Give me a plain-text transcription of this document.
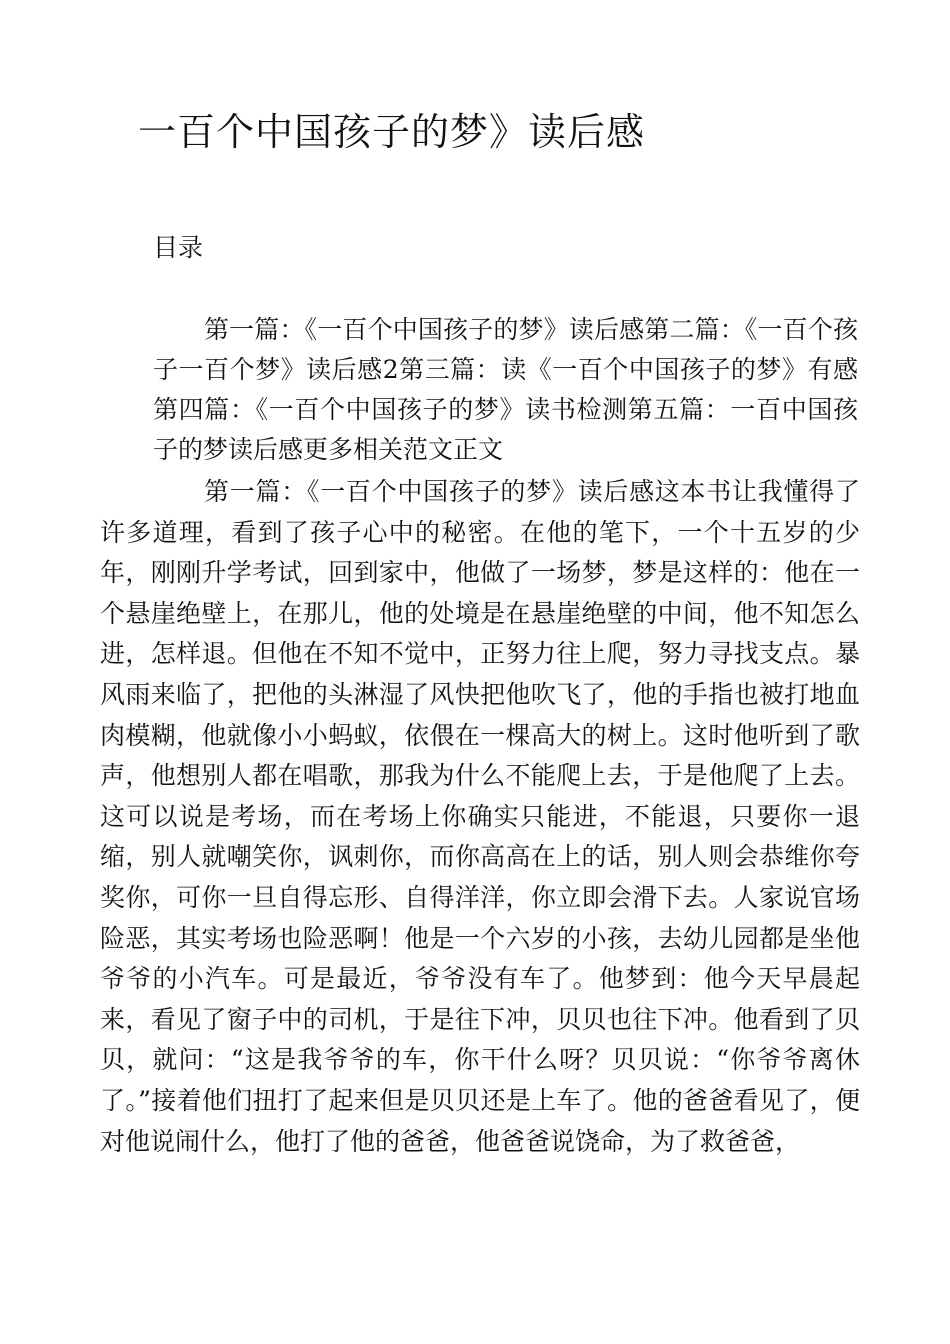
一百个中国孩子的梦》读后感
目录
第一篇：《一百个中国孩子的梦》读后感第二篇：《一百个孩子一百个梦》读后感2第三篇：读《一百个中国孩子的梦》有感第四篇：《一百个中国孩子的梦》读书检测第五篇：一百中国孩子的梦读后感更多相关范文正文
第一篇：《一百个中国孩子的梦》读后感这本书让我懂得了许多道理，看到了孩子心中的秘密。在他的笔下，一个十五岁的少年，刚刚升学考试，回到家中，他做了一场梦，梦是这样的：他在一个悬崖绝壁上，在那儿，他的处境是在悬崖绝壁的中间，他不知怎么进，怎样退。但他在不知不觉中，正努力往上爬，努力寻找支点。暴风雨来临了，把他的头淋湿了风快把他吹飞了，他的手指也被打地血肉模糊，他就像小小蚂蚁，依偎在一棵高大的树上。这时他听到了歌声，他想别人都在唱歌，那我为什么不能爬上去，于是他爬了上去。这可以说是考场，而在考场上你确实只能进，不能退，只要你一退缩，别人就嘲笑你，讽刺你，而你高高在上的话，别人则会恭维你夸奖你，可你一旦自得忘形、自得洋洋，你立即会滑下去。人家说官场险恶，其实考场也险恶啊！他是一个六岁的小孩，去幼儿园都是坐他爷爷的小汽车。可是最近，爷爷没有车了。他梦到：他今天早晨起来，看见了窗子中的司机，于是往下冲，贝贝也往下冲。他看到了贝贝，就问：“这是我爷爷的车，你干什么呀？贝贝说：“你爷爷离休了。”接着他们扭打了起来但是贝贝还是上车了。他的爸爸看见了，便对他说闹什么，他打了他的爸爸，他爸爸说饶命，为了救爸爸，
